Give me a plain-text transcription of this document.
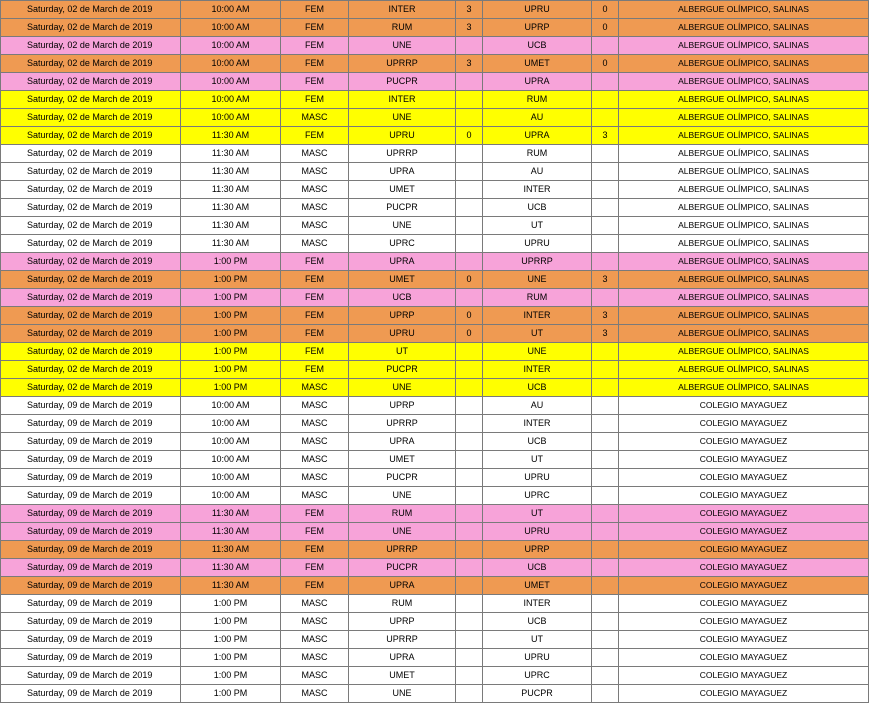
Saturday, 02 de March de 2019	10:00 AM	FEM	INTER	3	UPRU	0	ALBERGUE OLÍMPICO, SALINAS
Saturday, 02 de March de 2019	10:00 AM	FEM	RUM	3	UPRP	0	ALBERGUE OLÍMPICO, SALINAS
Saturday, 02 de March de 2019	10:00 AM	FEM	UNE		UCB		ALBERGUE OLÍMPICO, SALINAS
Saturday, 02 de March de 2019	10:00 AM	FEM	UPRRP	3	UMET	0	ALBERGUE OLÍMPICO, SALINAS
Saturday, 02 de March de 2019	10:00 AM	FEM	PUCPR		UPRA		ALBERGUE OLÍMPICO, SALINAS
Saturday, 02 de March de 2019	10:00 AM	FEM	INTER		RUM		ALBERGUE OLÍMPICO, SALINAS
Saturday, 02 de March de 2019	10:00 AM	MASC	UNE		AU		ALBERGUE OLÍMPICO, SALINAS
Saturday, 02 de March de 2019	11:30 AM	FEM	UPRU	0	UPRA	3	ALBERGUE OLÍMPICO, SALINAS
Saturday, 02 de March de 2019	11:30 AM	MASC	UPRRP		RUM		ALBERGUE OLÍMPICO, SALINAS
Saturday, 02 de March de 2019	11:30 AM	MASC	UPRA		AU		ALBERGUE OLÍMPICO, SALINAS
Saturday, 02 de March de 2019	11:30 AM	MASC	UMET		INTER		ALBERGUE OLÍMPICO, SALINAS
Saturday, 02 de March de 2019	11:30 AM	MASC	PUCPR		UCB		ALBERGUE OLÍMPICO, SALINAS
Saturday, 02 de March de 2019	11:30 AM	MASC	UNE		UT		ALBERGUE OLÍMPICO, SALINAS
Saturday, 02 de March de 2019	11:30 AM	MASC	UPRC		UPRU		ALBERGUE OLÍMPICO, SALINAS
Saturday, 02 de March de 2019	1:00 PM	FEM	UPRA		UPRRP		ALBERGUE OLÍMPICO, SALINAS
Saturday, 02 de March de 2019	1:00 PM	FEM	UMET	0	UNE	3	ALBERGUE OLÍMPICO, SALINAS
Saturday, 02 de March de 2019	1:00 PM	FEM	UCB		RUM		ALBERGUE OLÍMPICO, SALINAS
Saturday, 02 de March de 2019	1:00 PM	FEM	UPRP	0	INTER	3	ALBERGUE OLÍMPICO, SALINAS
Saturday, 02 de March de 2019	1:00 PM	FEM	UPRU	0	UT	3	ALBERGUE OLÍMPICO, SALINAS
Saturday, 02 de March de 2019	1:00 PM	FEM	UT		UNE		ALBERGUE OLÍMPICO, SALINAS
Saturday, 02 de March de 2019	1:00 PM	FEM	PUCPR		INTER		ALBERGUE OLÍMPICO, SALINAS
Saturday, 02 de March de 2019	1:00 PM	MASC	UNE		UCB		ALBERGUE OLÍMPICO, SALINAS
Saturday, 09 de March de 2019	10:00 AM	MASC	UPRP		AU		COLEGIO MAYAGUEZ
Saturday, 09 de March de 2019	10:00 AM	MASC	UPRRP		INTER		COLEGIO MAYAGUEZ
Saturday, 09 de March de 2019	10:00 AM	MASC	UPRA		UCB		COLEGIO MAYAGUEZ
Saturday, 09 de March de 2019	10:00 AM	MASC	UMET		UT		COLEGIO MAYAGUEZ
Saturday, 09 de March de 2019	10:00 AM	MASC	PUCPR		UPRU		COLEGIO MAYAGUEZ
Saturday, 09 de March de 2019	10:00 AM	MASC	UNE		UPRC		COLEGIO MAYAGUEZ
Saturday, 09 de March de 2019	11:30 AM	FEM	RUM		UT		COLEGIO MAYAGUEZ
Saturday, 09 de March de 2019	11:30 AM	FEM	UNE		UPRU		COLEGIO MAYAGUEZ
Saturday, 09 de March de 2019	11:30 AM	FEM	UPRRP		UPRP		COLEGIO MAYAGUEZ
Saturday, 09 de March de 2019	11:30 AM	FEM	PUCPR		UCB		COLEGIO MAYAGUEZ
Saturday, 09 de March de 2019	11:30 AM	FEM	UPRA		UMET		COLEGIO MAYAGUEZ
Saturday, 09 de March de 2019	1:00 PM	MASC	RUM		INTER		COLEGIO MAYAGUEZ
Saturday, 09 de March de 2019	1:00 PM	MASC	UPRP		UCB		COLEGIO MAYAGUEZ
Saturday, 09 de March de 2019	1:00 PM	MASC	UPRRP		UT		COLEGIO MAYAGUEZ
Saturday, 09 de March de 2019	1:00 PM	MASC	UPRA		UPRU		COLEGIO MAYAGUEZ
Saturday, 09 de March de 2019	1:00 PM	MASC	UMET		UPRC		COLEGIO MAYAGUEZ
Saturday, 09 de March de 2019	1:00 PM	MASC	UNE		PUCPR		COLEGIO MAYAGUEZ
